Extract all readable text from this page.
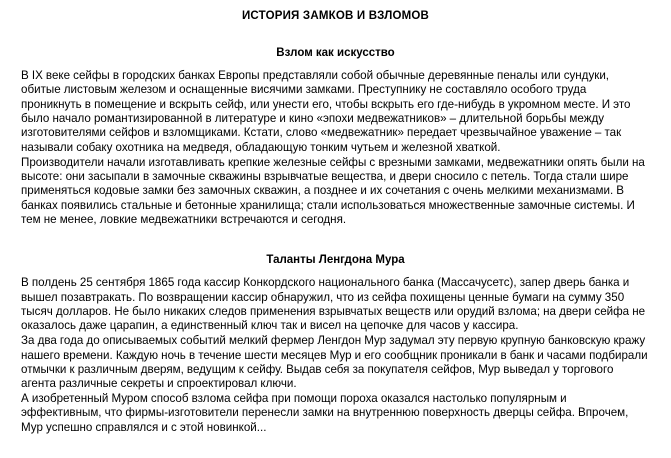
ИСТОРИЯ ЗАМКОВ И ВЗЛОМОВ
Взлом как искусство

В IX веке сейфы в городских банках Европы представляли собой обычные деревянные пеналы или сундуки, обитые листовым железом и оснащенные висячими замками. Преступнику не составляло особого труда проникнуть в помещение и вскрыть сейф, или унести его, чтобы вскрыть его где-нибудь в укромном месте. И это было начало романтизированной в литературе и кино «эпохи медвежатников» – длительной борьбы между изготовителями сейфов и взломщиками. Кстати, слово «медвежатник» передает чрезвычайное уважение – так называли собаку охотника на медведя, обладающую тонким чутьем и железной хваткой.

Производители начали изготавливать крепкие железные сейфы с врезными замками, медвежатники опять были на высоте: они засыпали в замочные скважины взрывчатые вещества, и двери сносило с петель. Тогда стали шире применяться кодовые замки без замочных скважин, а позднее и их сочетания с очень мелкими механизмами. В банках появились стальные и бетонные хранилища; стали использоваться множественные замочные системы. И тем не менее, ловкие медвежатники встречаются и сегодня.

Таланты Ленгдона Мура

В полдень 25 сентября 1865 года кассир Конкордского национального банка (Массачусетс), запер дверь банка и вышел позавтракать. По возвращении кассир обнаружил, что из сейфа похищены ценные бумаги на сумму 350 тысяч долларов. Не было никаких следов применения взрывчатых веществ или орудий взлома; на двери сейфа не оказалось даже царапин, а единственный ключ так и висел на цепочке для часов у кассира.

За два года до описываемых событий мелкий фермер Ленгдон Мур задумал эту первую крупную банковскую кражу нашего времени. Каждую ночь в течение шести месяцев Мур и его сообщник проникали в банк и часами подбирали отмычки к различным дверям, ведущим к сейфу. Выдав себя за покупателя сейфов, Мур выведал у торгового агента различные секреты и спроектировал ключи.

А изобретенный Муром способ взлома сейфа при помощи пороха оказался настолько популярным и эффективным, что фирмы-изготовители перенесли замки на внутреннюю поверхность дверцы сейфа. Впрочем, Мур успешно справлялся и с этой новинкой...
